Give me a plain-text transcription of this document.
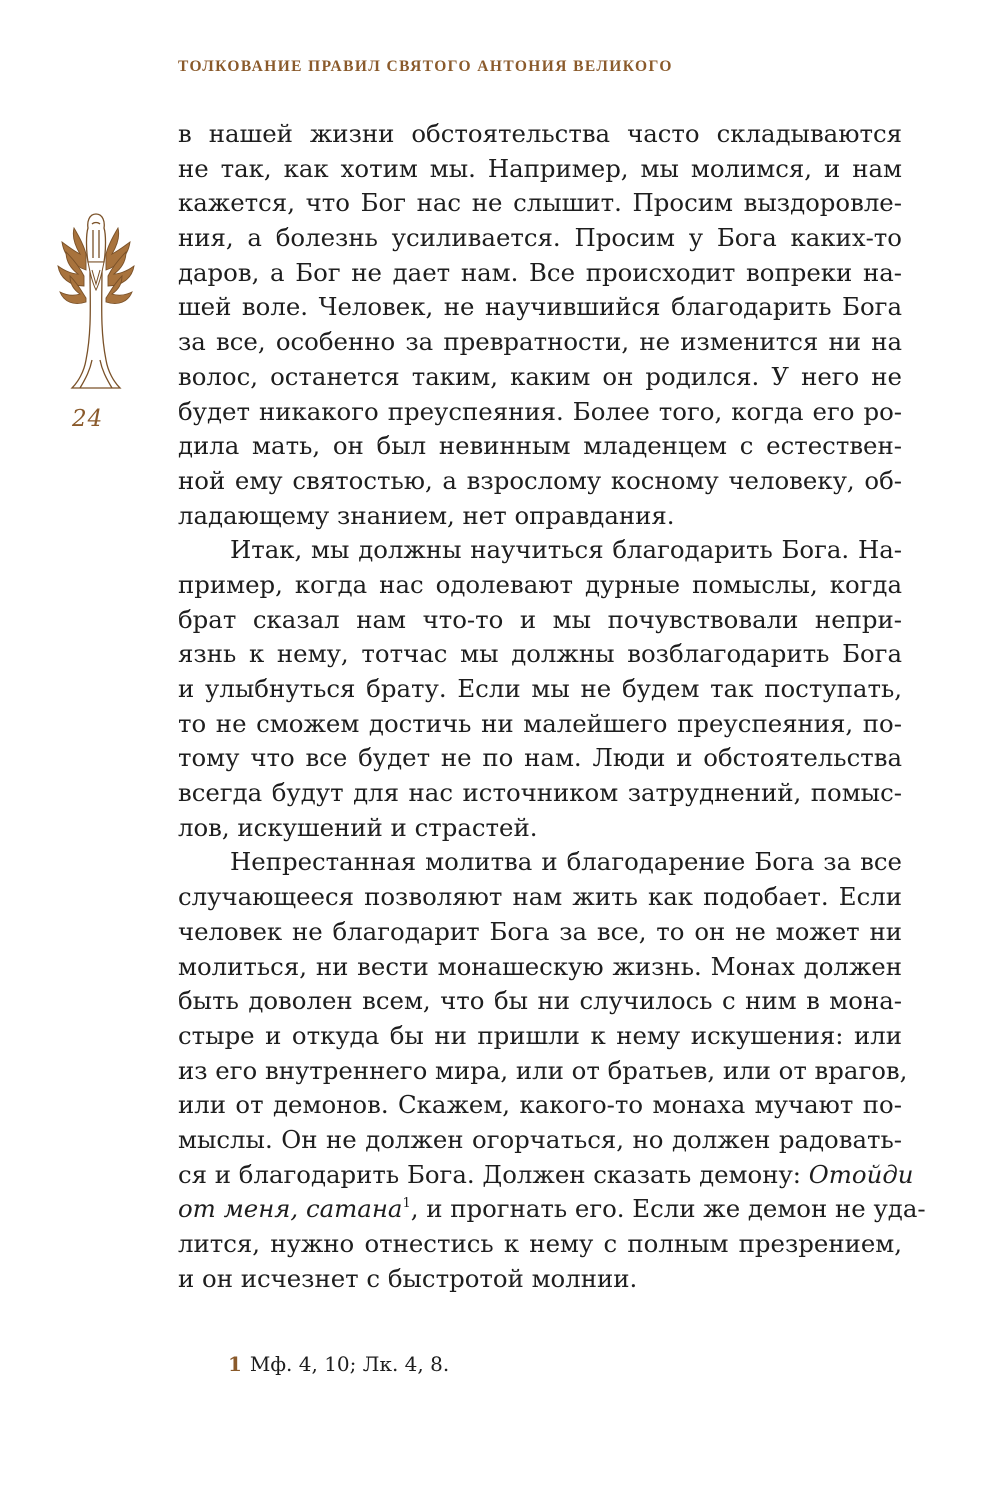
ТОЛКОВАНИЕ ПРАВИЛ СВЯТОГО АНТОНИЯ ВЕЛИКОГО
24
в нашей жизни обстоятельства часто складываются
не так, как хотим мы. Например, мы молимся, и нам
кажется, что Бог нас не слышит. Просим выздоровле-
ния, а болезнь усиливается. Просим у Бога каких-то
даров, а Бог не дает нам. Все происходит вопреки на-
шей воле. Человек, не научившийся благодарить Бога
за все, особенно за превратности, не изменится ни на
волос, останется таким, каким он родился. У него не
будет никакого преуспеяния. Более того, когда его ро-
дила мать, он был невинным младенцем с естествен-
ной ему святостью, а взрослому косному человеку, об-
ладающему знанием, нет оправдания.
Итак, мы должны научиться благодарить Бога. На-
пример, когда нас одолевают дурные помыслы, когда
брат сказал нам что-то и мы почувствовали непри-
язнь к нему, тотчас мы должны возблагодарить Бога
и улыбнуться брату. Если мы не будем так поступать,
то не сможем достичь ни малейшего преуспеяния, по-
тому что все будет не по нам. Люди и обстоятельства
всегда будут для нас источником затруднений, помыс-
лов, искушений и страстей.
Непрестанная молитва и благодарение Бога за все
случающееся позволяют нам жить как подобает. Если
человек не благодарит Бога за все, то он не может ни
молиться, ни вести монашескую жизнь. Монах должен
быть доволен всем, что бы ни случилось с ним в мона-
стыре и откуда бы ни пришли к нему искушения: или
из его внутреннего мира, или от братьев, или от врагов,
или от демонов. Скажем, какого-то монаха мучают по-
мыслы. Он не должен огорчаться, но должен радовать-
ся и благодарить Бога. Должен сказать демону: Отойди
от меня, сатана$^1$, и прогнать его. Если же демон не уда-
лится, нужно отнестись к нему с полным презрением,
и он исчезнет с быстротой молнии.
1 Мф. 4, 10; Лк. 4, 8.
